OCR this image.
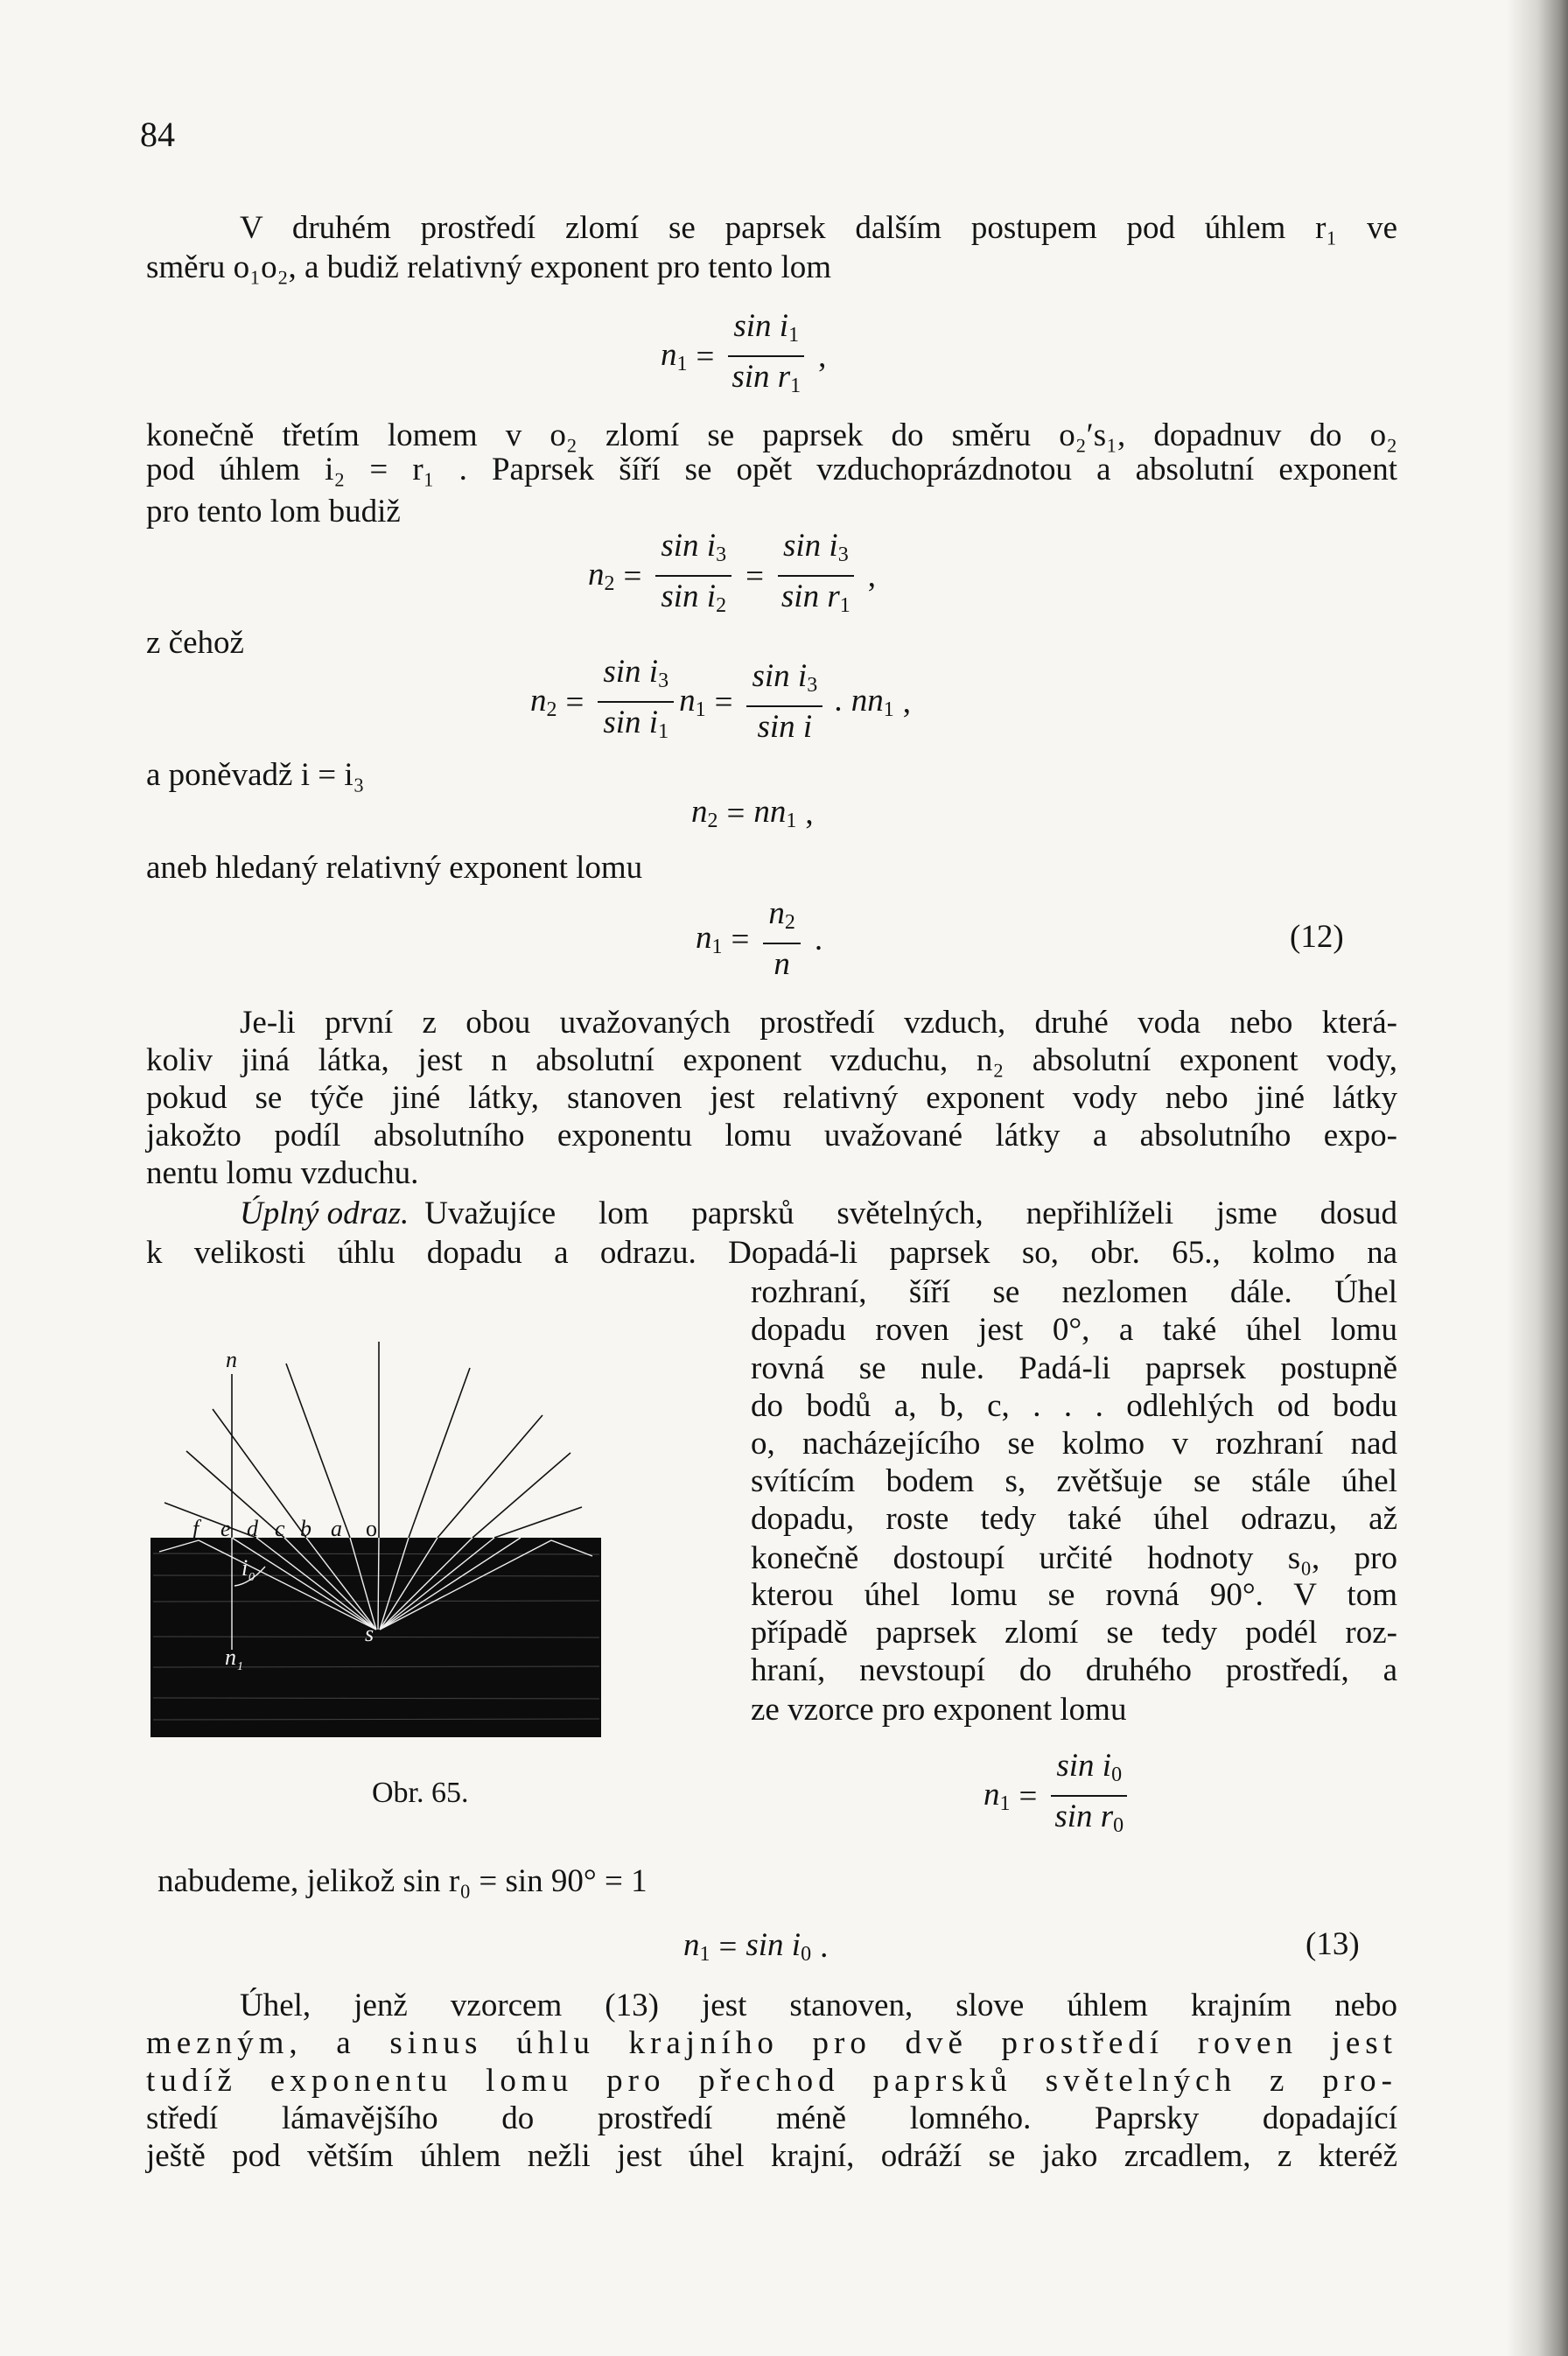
84
V druhém prostředí zlomí se paprsek dalším postupem pod úhlem r₁ ve
směru o₁o₂, a budiž relativný exponent pro tento lom
$n_1 = \frac{\sin i_1}{\sin r_1}$ ,
konečně třetím lomem v o₂ zlomí se paprsek do směru o₂′s₁, dopadnuv do o₂
pod úhlem i₂ = r₁ . Paprsek šíří se opět vzduchoprázdnotou a absolutní exponent
pro tento lom budiž
$n_2 = \frac{\sin i_3}{\sin i_2} = \frac{\sin i_3}{\sin r_1}$ ,
z čehož
$n_2 = \frac{\sin i_3}{\sin i_1} n_1 = \frac{\sin i_3}{\text{sin i}}$ . $nn_1$ ,
a poněvadž i = i₃
$n_2 = nn_1$ ,
aneb hledaný relativný exponent lomu
$n_1 = \frac{n_2}{n}$ .	(12)
Je-li první z obou uvažovaných prostředí vzduch, druhé voda nebo která-
koliv jiná látka, jest n absolutní exponent vzduchu, n₂ absolutní exponent vody,
pokud se týče jiné látky, stanoven jest relativný exponent vody nebo jiné látky
jakožto podíl absolutního exponentu lomu uvažované látky a absolutního expo-
nentu lomu vzduchu.
Úplný odraz. Uvažujíce lom paprsků světelných, nepřihlíželi jsme dosud
k velikosti úhlu dopadu a odrazu. Dopadá-li paprsek so, obr. 65., kolmo na
rozhraní, šíří se nezlomen dále. Úhel
dopadu roven jest 0°, a také úhel lomu
rovná se nule. Padá-li paprsek postupně
do bodů a, b, c, . . . odlehlých od bodu
o, nacházejícího se kolmo v rozhraní nad
svítícím bodem s, zvětšuje se stále úhel
dopadu, roste tedy také úhel odrazu, až
konečně dostoupí určité hodnoty s₀, pro
kterou úhel lomu se rovná 90°. V tom
případě paprsek zlomí se tedy podél roz-
hraní, nevstoupí do druhého prostředí, a
ze vzorce pro exponent lomu
$n_1 = \frac{\sin i_0}{\sin r_0}$
n
f e d c b a o
i 0
n 1
s
Obr. 65.
nabudeme, jelikož sin r₀ = sin 90° = 1
$n_1 = \sin i_0$ .	(13)
Úhel, jenž vzorcem (13) jest stanoven, slove úhlem krajním nebo
mezným, a sinus úhlu krajního pro dvě prostředí roven jest
tudíž exponentu lomu pro přechod paprsků světelných z pro-
středí lámavějšího do prostředí méně lomného. Paprsky dopadající
ještě pod větším úhlem nežli jest úhel krajní, odráží se jako zrcadlem, z kteréž
